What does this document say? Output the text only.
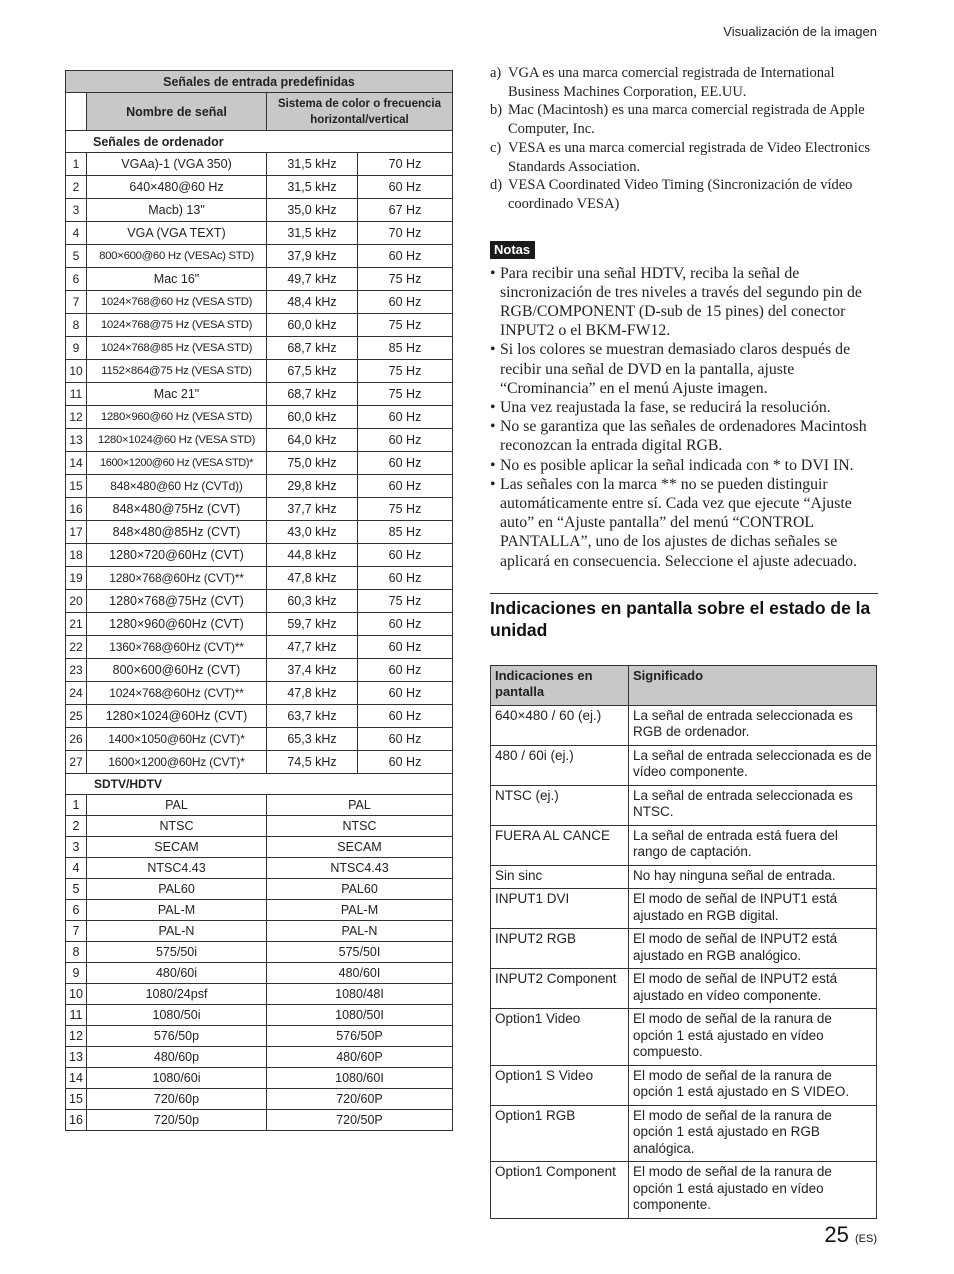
Visualización de la imagen
Señales de entrada predefinidas			
	Nombre de señal	Sistema de color o frecuencia horizontal/vertical	
Señales de ordenador			
1	VGAa)-1 (VGA 350)	31,5 kHz	70 Hz
2	640×480@60 Hz	31,5 kHz	60 Hz
3	Macb) 13"	35,0 kHz	67 Hz
4	VGA (VGA TEXT)	31,5 kHz	70 Hz
5	800×600@60 Hz (VESAc) STD)	37,9 kHz	60 Hz
6	Mac 16"	49,7 kHz	75 Hz
7	1024×768@60 Hz (VESA STD)	48,4 kHz	60 Hz
8	1024×768@75 Hz (VESA STD)	60,0 kHz	75 Hz
9	1024×768@85 Hz (VESA STD)	68,7 kHz	85 Hz
10	1152×864@75 Hz (VESA STD)	67,5 kHz	75 Hz
11	Mac 21"	68,7 kHz	75 Hz
12	1280×960@60 Hz (VESA STD)	60,0 kHz	60 Hz
13	1280×1024@60 Hz (VESA STD)	64,0 kHz	60 Hz
14	1600×1200@60 Hz (VESA STD)*	75,0 kHz	60 Hz
15	848×480@60 Hz (CVTd))	29,8 kHz	60 Hz
16	848×480@75Hz (CVT)	37,7 kHz	75 Hz
17	848×480@85Hz (CVT)	43,0 kHz	85 Hz
18	1280×720@60Hz (CVT)	44,8 kHz	60 Hz
19	1280×768@60Hz (CVT)**	47,8 kHz	60 Hz
20	1280×768@75Hz (CVT)	60,3 kHz	75 Hz
21	1280×960@60Hz (CVT)	59,7 kHz	60 Hz
22	1360×768@60Hz (CVT)**	47,7 kHz	60 Hz
23	800×600@60Hz (CVT)	37,4 kHz	60 Hz
24	1024×768@60Hz (CVT)**	47,8 kHz	60 Hz
25	1280×1024@60Hz (CVT)	63,7 kHz	60 Hz
26	1400×1050@60Hz (CVT)*	65,3 kHz	60 Hz
27	1600×1200@60Hz (CVT)*	74,5 kHz	60 Hz
SDTV/HDTV			
1	PAL	PAL	
2	NTSC	NTSC	
3	SECAM	SECAM	
4	NTSC4.43	NTSC4.43	
5	PAL60	PAL60	
6	PAL-M	PAL-M	
7	PAL-N	PAL-N	
8	575/50i	575/50I	
9	480/60i	480/60I	
10	1080/24psf	1080/48I	
11	1080/50i	1080/50I	
12	576/50p	576/50P	
13	480/60p	480/60P	
14	1080/60i	1080/60I	
15	720/60p	720/60P	
16	720/50p	720/50P	
a) VGA es una marca comercial registrada de International Business Machines Corporation, EE.UU.
b) Mac (Macintosh) es una marca comercial registrada de Apple Computer, Inc.
c) VESA es una marca comercial registrada de Video Electronics Standards Association.
d) VESA Coordinated Video Timing (Sincronización de vídeo coordinado VESA)
Notas
• Para recibir una señal HDTV, reciba la señal de sincronización de tres niveles a través del segundo pin de RGB/COMPONENT (D-sub de 15 pines) del conector INPUT2 o el BKM-FW12.
• Si los colores se muestran demasiado claros después de recibir una señal de DVD en la pantalla, ajuste “Crominancia” en el menú Ajuste imagen.
• Una vez reajustada la fase, se reducirá la resolución.
• No se garantiza que las señales de ordenadores Macintosh reconozcan la entrada digital RGB.
• No es posible aplicar la señal indicada con * to DVI IN.
• Las señales con la marca ** no se pueden distinguir automáticamente entre sí. Cada vez que ejecute “Ajuste auto” en “Ajuste pantalla” del menú “CONTROL PANTALLA”, uno de los ajustes de dichas señales se aplicará en consecuencia. Seleccione el ajuste adecuado.
Indicaciones en pantalla sobre el estado de la unidad
Indicaciones en pantalla	Significado
640×480 / 60 (ej.)	La señal de entrada seleccionada es RGB de ordenador.
480 / 60i (ej.)	La señal de entrada seleccionada es de vídeo componente.
NTSC (ej.)	La señal de entrada seleccionada es NTSC.
FUERA AL CANCE	La señal de entrada está fuera del rango de captación.
Sin sinc	No hay ninguna señal de entrada.
INPUT1 DVI	El modo de señal de INPUT1 está ajustado en RGB digital.
INPUT2 RGB	El modo de señal de INPUT2 está ajustado en RGB analógico.
INPUT2 Component	El modo de señal de INPUT2 está ajustado en vídeo componente.
Option1 Video	El modo de señal de la ranura de opción 1 está ajustado en vídeo compuesto.
Option1 S Video	El modo de señal de la ranura de opción 1 está ajustado en S VIDEO.
Option1 RGB	El modo de señal de la ranura de opción 1 está ajustado en RGB analógica.
Option1 Component	El modo de señal de la ranura de opción 1 está ajustado en vídeo componente.
25 (ES)
